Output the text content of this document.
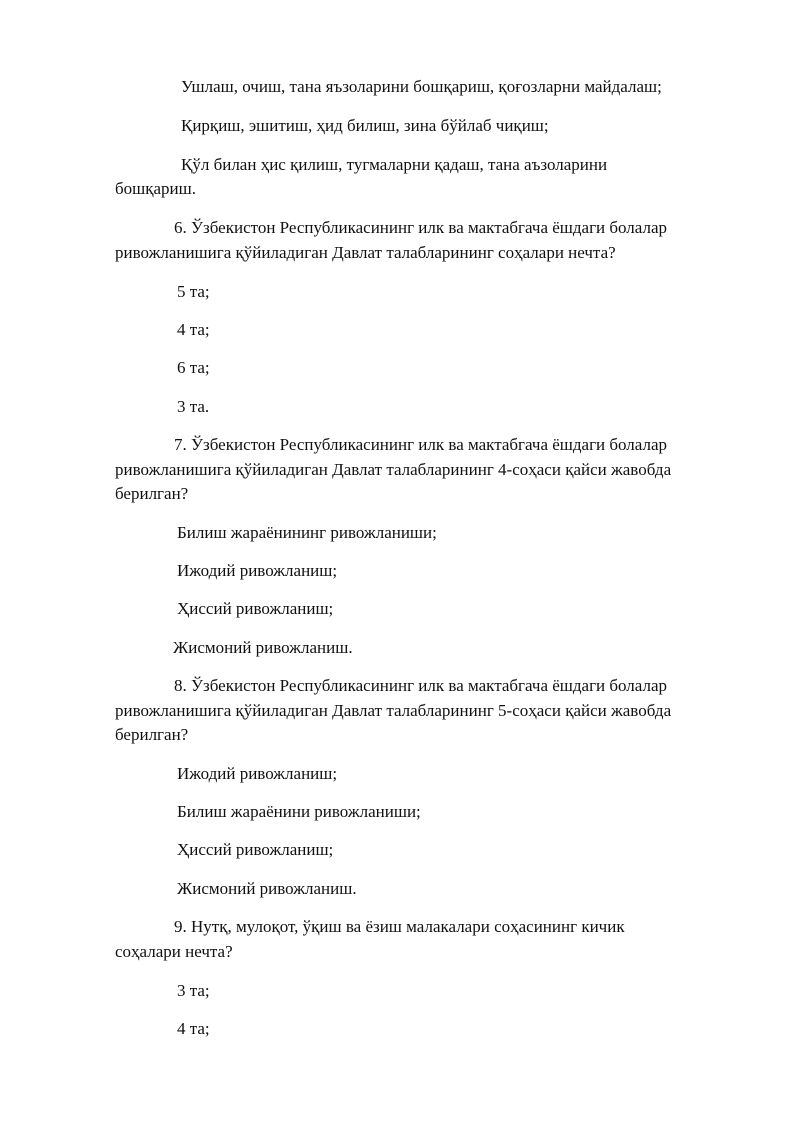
Ушлаш, очиш, тана яъзоларини бошқариш, қоғозларни майдалаш;
Қирқиш, эшитиш, ҳид билиш, зина бўйлаб чиқиш;
Қўл билан ҳис қилиш, тугмаларни қадаш, тана аъзоларини
бошқариш.
6. Ўзбекистон Республикасининг илк ва мактабгача ёшдаги болалар
ривожланишига қўйиладиган Давлат талабларининг соҳалари нечта?
5 та;
4 та;
6 та;
3 та.
7. Ўзбекистон Республикасининг илк ва мактабгача ёшдаги болалар
ривожланишига қўйиладиган Давлат талабларининг 4-соҳаси қайси жавобда
берилган?
Билиш жараёнининг ривожланиши;
Ижодий ривожланиш;
Ҳиссий ривожланиш;
Жисмоний ривожланиш.
8. Ўзбекистон Республикасининг илк ва мактабгача ёшдаги болалар
ривожланишига қўйиладиган Давлат талабларининг 5-соҳаси қайси жавобда
берилган?
Ижодий ривожланиш;
Билиш жараёнини ривожланиши;
Ҳиссий ривожланиш;
Жисмоний ривожланиш.
9. Нутқ, мулоқот, ўқиш ва ёзиш малакалари соҳасининг кичик
соҳалари нечта?
3 та;
4 та;
